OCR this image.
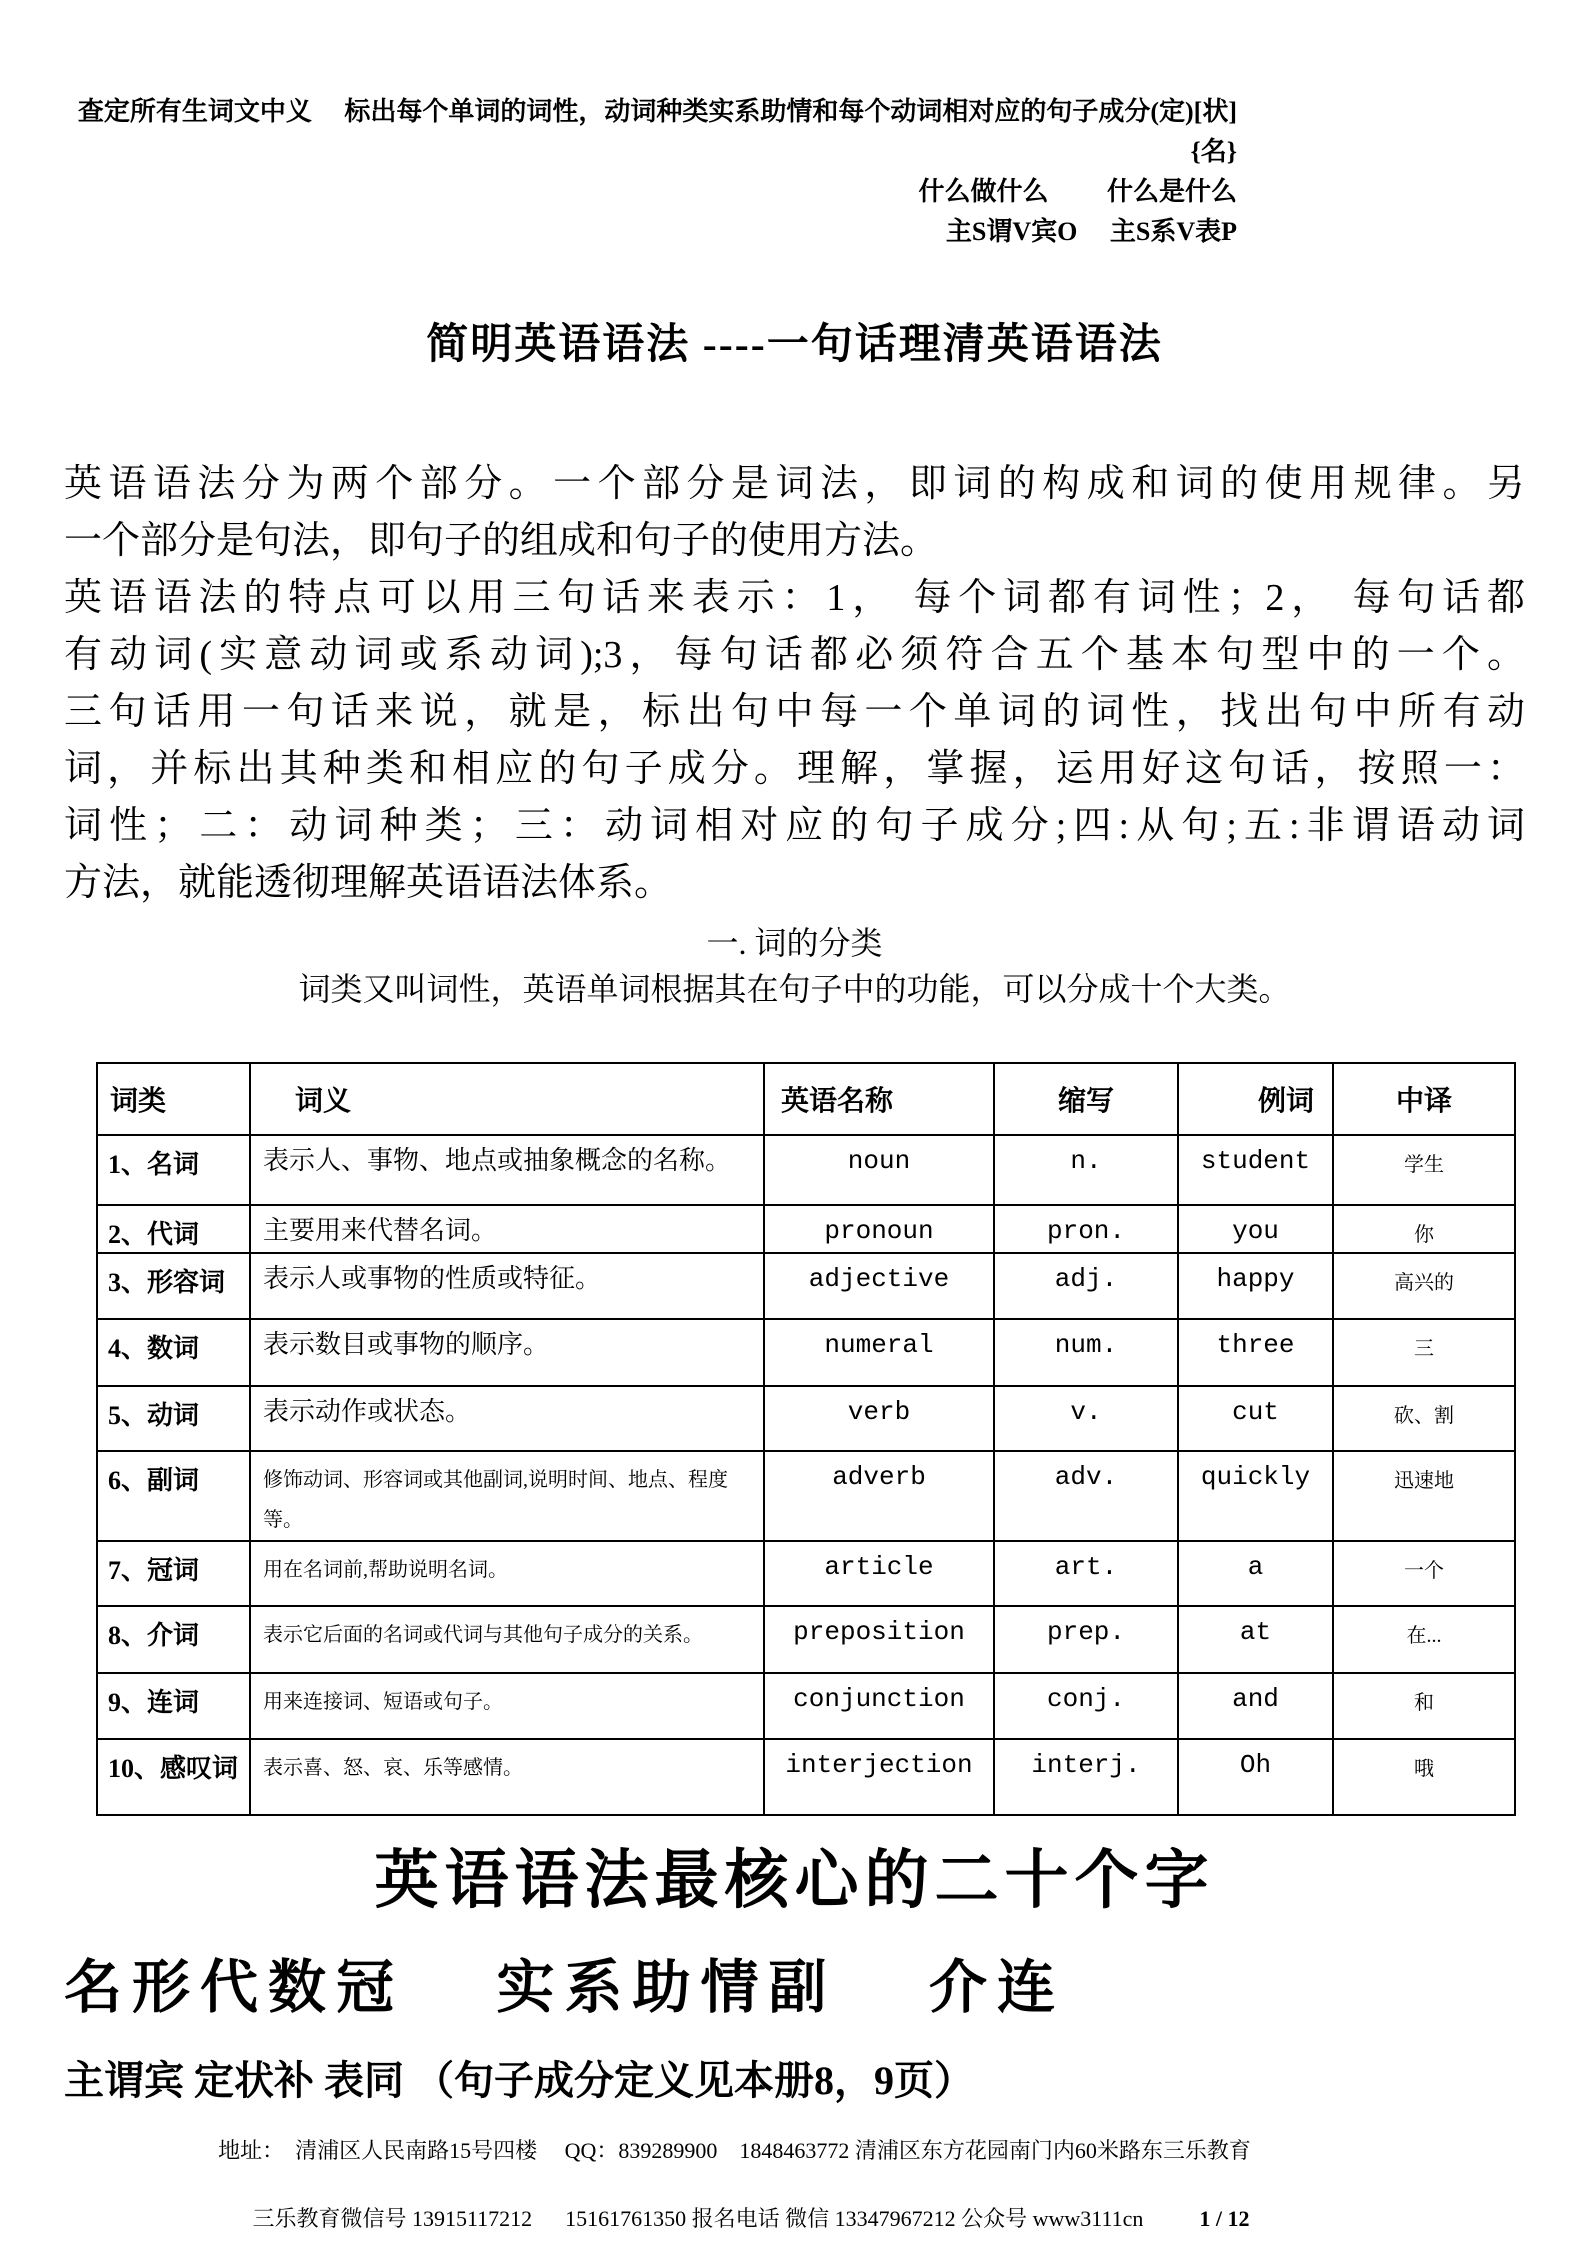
查定所有生词文中义　 标出每个单词的词性，动词种类实系助情和每个动词相对应的句子成分(定)[状]{名}
什么做什么　　 什么是什么
主S谓V宾O　 主S系V表P
简明英语语法 ----一句话理清英语语法
英语语法分为两个部分。一个部分是词法，即词的构成和词的使用规律。另
一个部分是句法，即句子的组成和句子的使用方法。
英语语法的特点可以用三句话来表示：1， 每个词都有词性；2， 每句话都
有动词(实意动词或系动词);3，每句话都必须符合五个基本句型中的一个。
三句话用一句话来说，就是，标出句中每一个单词的词性，找出句中所有动
词，并标出其种类和相应的句子成分。理解，掌握，运用好这句话，按照一：
词性；二：动词种类；三：动词相对应的句子成分;四:从句;五:非谓语动词
方法，就能透彻理解英语语法体系。
一. 词的分类
词类又叫词性，英语单词根据其在句子中的功能，可以分成十个大类。
词类	词义	英语名称	缩写	例词	中译
1、名词	表示人、事物、地点或抽象概念的名称。	noun	n.	student	学生
2、代词	主要用来代替名词。	pronoun	pron.	you	你
3、形容词	表示人或事物的性质或特征。	adjective	adj.	happy	高兴的
4、数词	表示数目或事物的顺序。	numeral	num.	three	三
5、动词	表示动作或状态。	verb	v.	cut	砍、割
6、副词	修饰动词、形容词或其他副词,说明时间、地点、程度等。	adverb	adv.	quickly	迅速地
7、冠词	用在名词前,帮助说明名词。	article	art.	a	一个
8、介词	表示它后面的名词或代词与其他句子成分的关系。	preposition	prep.	at	在...
9、连词	用来连接词、短语或句子。	conjunction	conj.	and	和
10、感叹词	表示喜、怒、哀、乐等感情。	interjection	interj.	Oh	哦
英语语法最核心的二十个字
名形代数冠　 实系助情副　 介连
主谓宾 定状补 表同 （句子成分定义见本册8，9页）
地址：  清浦区人民南路15号四楼　 QQ：839289900　1848463772 清浦区东方花园南门内60米路东三乐教育

三乐教育微信号 13915117212　  15161761350 报名电话 微信 13347967212 公众号 www3111cn	1 / 12
